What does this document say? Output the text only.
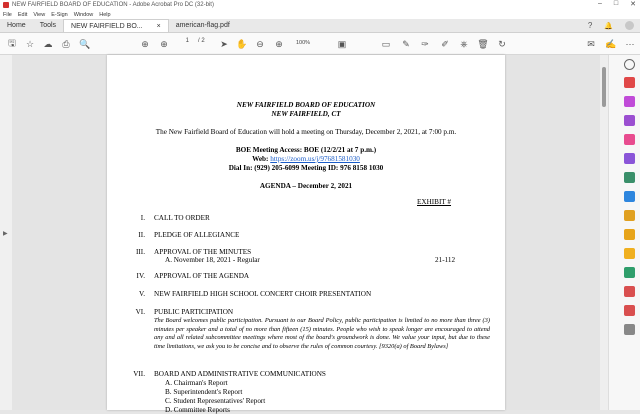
NEW FAIRFIELD BOARD OF EDUCATION - Adobe Acrobat Pro DC (32-bit)	– □ ✕
File Edit View E-Sign Window Help
Home	Tools	NEW FAIRFIELD BO... ×	american-flag.pdf	? 🔔
🖫	☆	☁	⎙	🔍	⊕	⊕	1 / 2	➤ ✋ ⊖	⊕	100%	▣	▭	✎	✑	✐	⎈	🗑	↻	✉	✍ ⋯
▶
NEW FAIRFIELD BOARD OF EDUCATION
NEW FAIRFIELD, CT
The New Fairfield Board of Education will hold a meeting on Thursday, December 2, 2021, at 7:00 p.m.
BOE Meeting Access: BOE (12/2/21 at 7 p.m.)
Web: https://zoom.us/j/97681581030
Dial In: (929) 205-6099 Meeting ID: 976 8158 1030
AGENDA – December 2, 2021
EXHIBIT #
I. CALL TO ORDER
II. PLEDGE OF ALLEGIANCE
III. APPROVAL OF THE MINUTES
A. November 18, 2021 - Regular	21-112
IV. APPROVAL OF THE AGENDA
V. NEW FAIRFIELD HIGH SCHOOL CONCERT CHOIR PRESENTATION
VI. PUBLIC PARTICIPATION
The Board welcomes public participation. Pursuant to our Board Policy, public participation is limited to no more than three (3) minutes per speaker and a total of no more than fifteen (15) minutes. People who wish to speak longer are encouraged to attend any and all related subcommittee meetings where most of the board's groundwork is done. We value your input, but due to these time limitations, we ask you to be concise and to observe the rules of common courtesy. [9320(a) of Board Bylaws]
VII. BOARD AND ADMINISTRATIVE COMMUNICATIONS
A. Chairman's Report
B. Superintendent's Report
C. Student Representatives' Report
D. Committee Reports
